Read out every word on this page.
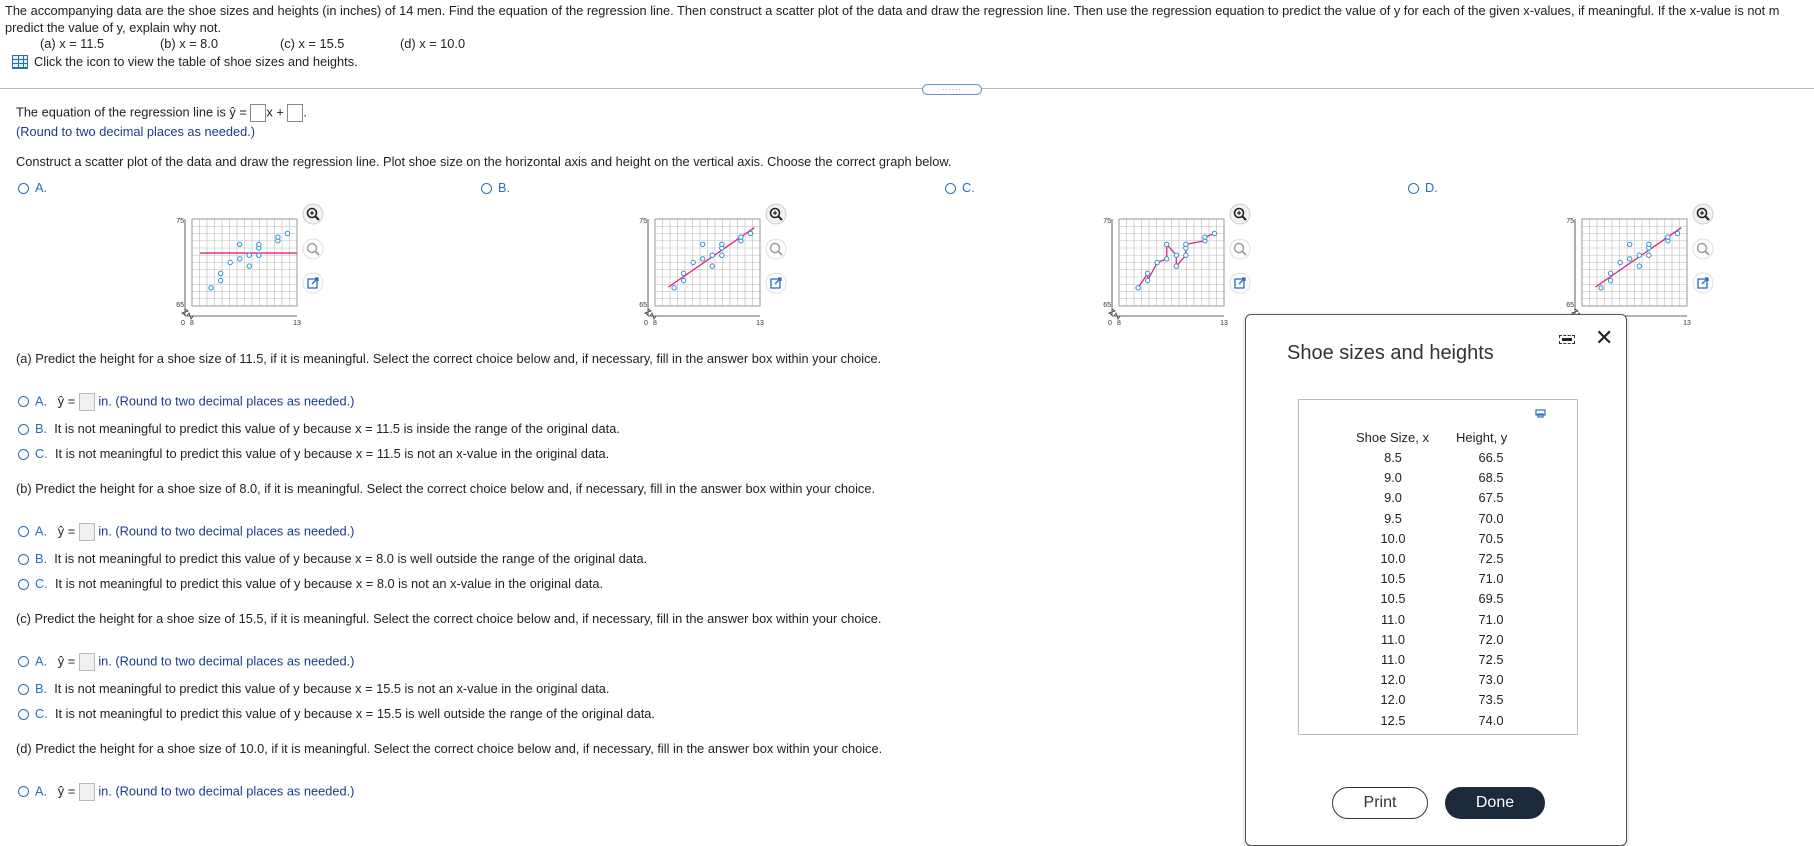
The accompanying data are the shoe sizes and heights (in inches) of 14 men. Find the equation of the regression line. Then construct a scatter plot of the data and draw the regression line. Then use the regression equation to predict the value of y for each of the given x-values, if meaningful. If the x-value is not m
predict the value of y, explain why not.
(a) x = 11.5	(b) x = 8.0	(c) x = 15.5	(d) x = 10.0
Click the icon to view the table of shoe sizes and heights.
......
The equation of the regression line is ŷ = x + .
(Round to two decimal places as needed.)
Construct a scatter plot of the data and draw the regression line. Plot shoe size on the horizontal axis and height on the vertical axis. Choose the correct graph below.
A.	B.	C.	D.
75
65
0 8	13
75
65
0 8	13
75
65
0 8	13
75
65
13
(a) Predict the height for a shoe size of 11.5, if it is meaningful. Select the correct choice below and, if necessary, fill in the answer box within your choice.
A. ŷ = in. (Round to two decimal places as needed.)
B. It is not meaningful to predict this value of y because x = 11.5 is inside the range of the original data.
C. It is not meaningful to predict this value of y because x = 11.5 is not an x-value in the original data.
(b) Predict the height for a shoe size of 8.0, if it is meaningful. Select the correct choice below and, if necessary, fill in the answer box within your choice.
A. ŷ = in. (Round to two decimal places as needed.)
B. It is not meaningful to predict this value of y because x = 8.0 is well outside the range of the original data.
C. It is not meaningful to predict this value of y because x = 8.0 is not an x-value in the original data.
(c) Predict the height for a shoe size of 15.5, if it is meaningful. Select the correct choice below and, if necessary, fill in the answer box within your choice.
A. ŷ = in. (Round to two decimal places as needed.)
B. It is not meaningful to predict this value of y because x = 15.5 is not an x-value in the original data.
C. It is not meaningful to predict this value of y because x = 15.5 is well outside the range of the original data.
(d) Predict the height for a shoe size of 10.0, if it is meaningful. Select the correct choice below and, if necessary, fill in the answer box within your choice.
A. ŷ = in. (Round to two decimal places as needed.)
✕
Shoe sizes and heights
Shoe Size, x Height, y
8.5	66.5
9.0	68.5
9.0	67.5
9.5	70.0
10.0	70.5
10.0	72.5
10.5	71.0
10.5	69.5
11.0	71.0
11.0	72.0
11.0	72.5
12.0	73.0
12.0	73.5
12.5	74.0
Print	Done
